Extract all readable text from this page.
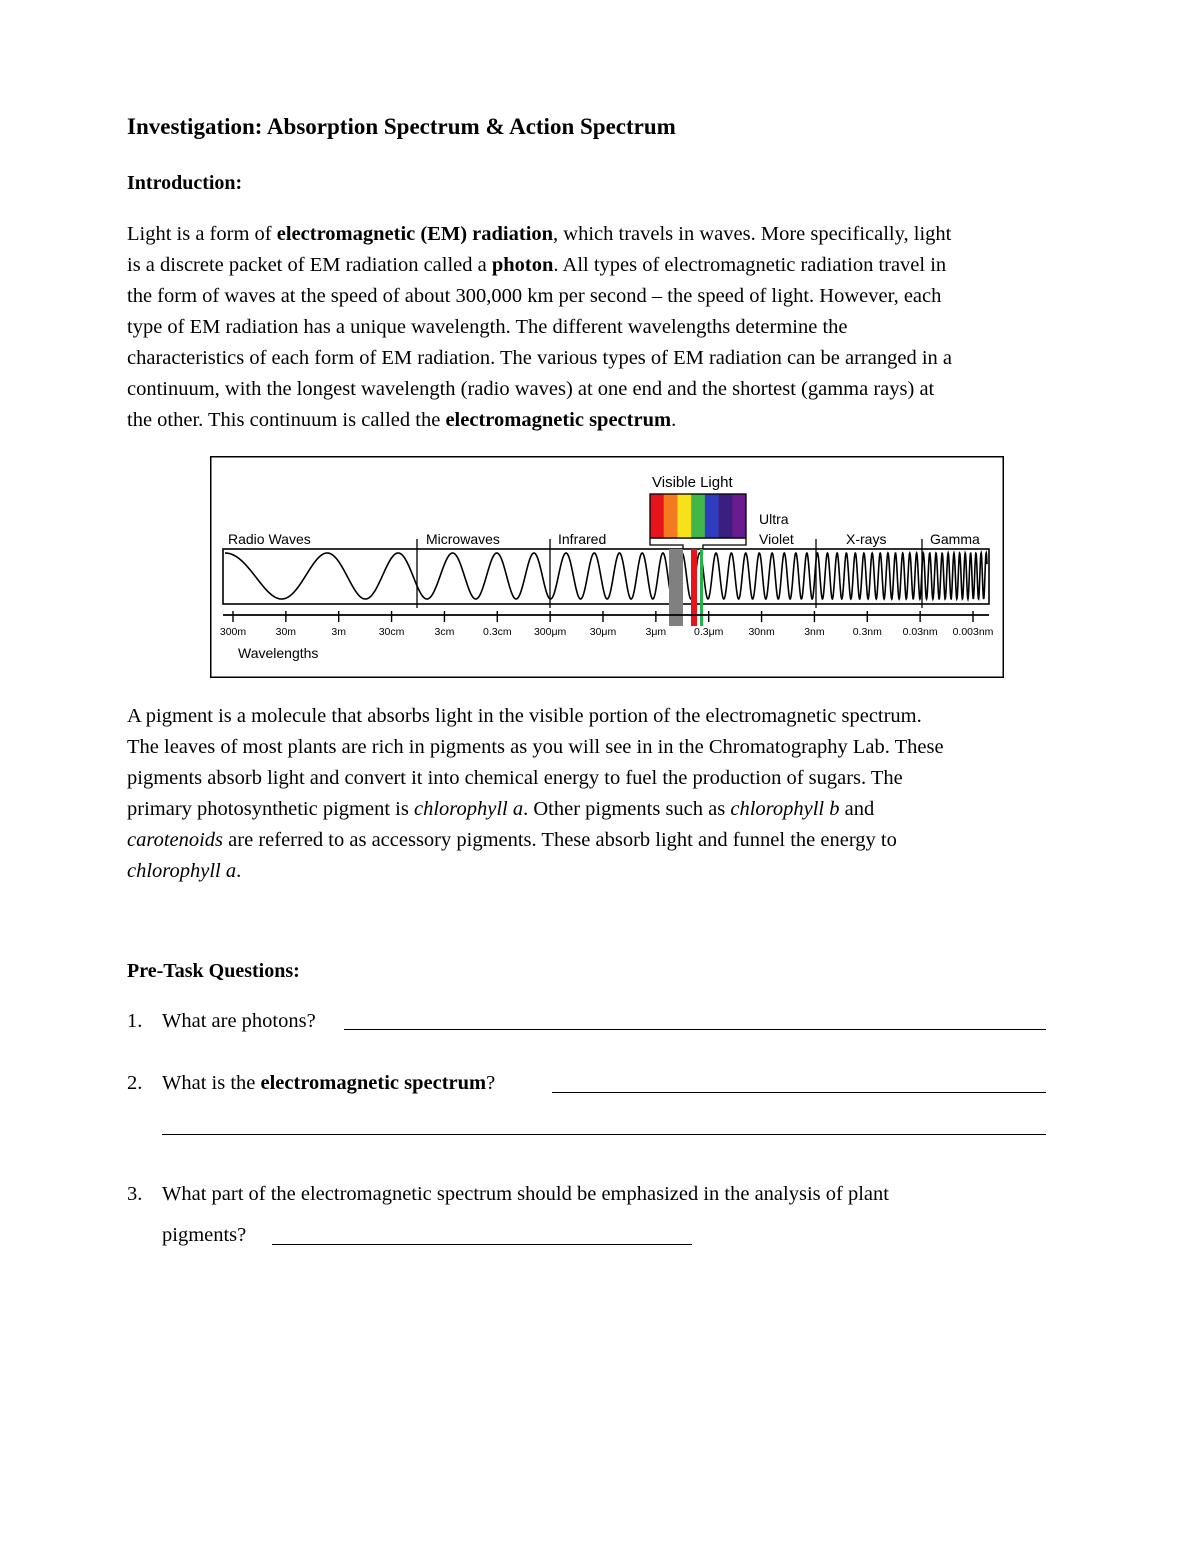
Investigation: Absorption Spectrum & Action Spectrum
Introduction:
Light is a form of electromagnetic (EM) radiation, which travels in waves. More specifically, light
is a discrete packet of EM radiation called a photon. All types of electromagnetic radiation travel in
the form of waves at the speed of about 300,000 km per second – the speed of light. However, each
type of EM radiation has a unique wavelength. The different wavelengths determine the
characteristics of each form of EM radiation. The various types of EM radiation can be arranged in a
continuum, with the longest wavelength (radio waves) at one end and the shortest (gamma rays) at
the other. This continuum is called the electromagnetic spectrum.
Visible Light
Ultra
Violet
Radio Waves	Microwaves	Infrared	X-rays	Gamma
300m	30m	3m	30cm	3cm	0.3cm 300μm 30μm	3μm	0.3μm 30nm	3nm	0.3nm 0.03nm 0.003nm
Wavelengths
A pigment is a molecule that absorbs light in the visible portion of the electromagnetic spectrum.
The leaves of most plants are rich in pigments as you will see in in the Chromatography Lab. These
pigments absorb light and convert it into chemical energy to fuel the production of sugars. The
primary photosynthetic pigment is chlorophyll a. Other pigments such as chlorophyll b and
carotenoids are referred to as accessory pigments. These absorb light and funnel the energy to
chlorophyll a.
Pre-Task Questions:
1. What are photons?
2. What is the electromagnetic spectrum?
3. What part of the electromagnetic spectrum should be emphasized in the analysis of plant
pigments?
